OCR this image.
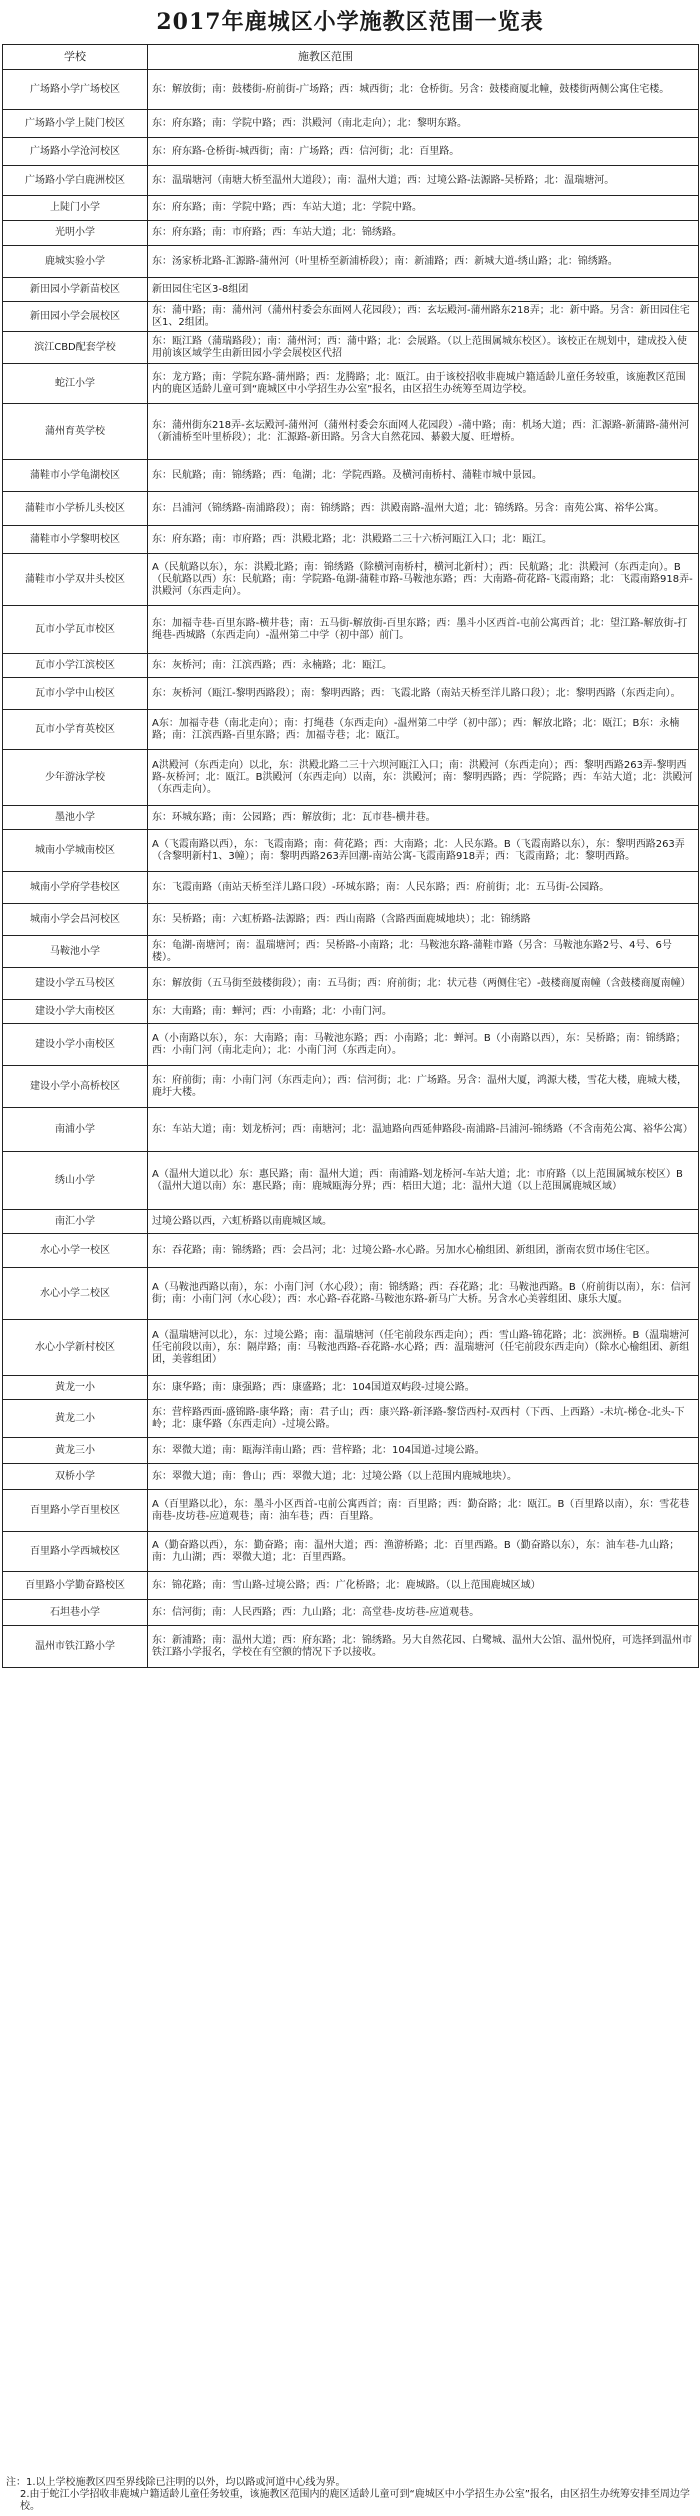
2017年鹿城区小学施教区范围一览表
学校	施教区范围
广场路小学广场校区	东：解放街；南：鼓楼街-府前街-广场路；西：城西街；北：仓桥街。另含：鼓楼商厦北幢，鼓楼街两侧公寓住宅楼。
广场路小学上陡门校区	东：府东路；南：学院中路；西：洪殿河（南北走向）；北：黎明东路。
广场路小学沧河校区	东：府东路-仓桥街-城西街；南：广场路；西：信河街；北：百里路。
广场路小学白鹿洲校区	东：温瑞塘河（南塘大桥至温州大道段）；南：温州大道；西：过境公路-法源路-吴桥路；北：温瑞塘河。
上陡门小学	东：府东路；南：学院中路；西：车站大道；北：学院中路。
光明小学	东：府东路；南：市府路；西：车站大道；北：锦绣路。
鹿城实验小学	东：汤家桥北路-汇源路-蒲州河（叶里桥至新浦桥段）；南：新浦路；西：新城大道-绣山路；北：锦绣路。
新田园小学新苗校区	新田园住宅区3-8组团
新田园小学会展校区	东：蒲中路；南：蒲州河（蒲州村委会东面网人花园段）；西：玄坛殿河-蒲州路东218弄；北：新中路。另含：新田园住宅区1、2组团。
滨江CBD配套学校	东：瓯江路（蒲瑞路段）；南：蒲州河；西：蒲中路；北：会展路。（以上范围属城东校区）。该校正在规划中，建成投入使用前该区域学生由新田园小学会展校区代招
蛇江小学	东：龙方路；南：学院东路-蒲州路；西：龙腾路；北：瓯江。由于该校招收非鹿城户籍适龄儿童任务较重，该施教区范围内的鹿区适龄儿童可到“鹿城区中小学招生办公室”报名，由区招生办统筹至周边学校。
蒲州育英学校	东：蒲州街东218弄-玄坛殿河-蒲州河（蒲州村委会东面网人花园段）-蒲中路；南：机场大道；西：汇源路-新蒲路-蒲州河（新浦桥至叶里桥段）；北：汇源路-新田路。另含大自然花园、綦毅大厦、旺增桥。
蒲鞋市小学龟湖校区	东：民航路；南：锦绣路；西：龟湖；北：学院西路。及横河南桥村、蒲鞋市城中景园。
蒲鞋市小学桥儿头校区	东：吕浦河（锦绣路-南浦路段）；南：锦绣路；西：洪殿南路-温州大道；北：锦绣路。另含：南苑公寓、裕华公寓。
蒲鞋市小学黎明校区	东：府东路；南：市府路；西：洪殿北路；北：洪殿路二三十六桥河瓯江入口；北：瓯江。
蒲鞋市小学双井头校区	A（民航路以东），东：洪殿北路；南：锦绣路（除横河南桥村，横河北新村）；西：民航路；北：洪殿河（东西走向）。B（民航路以西）东：民航路；南：学院路-龟湖-蒲鞋市路-马鞍池东路；西：大南路-荷花路-飞霞南路；北：飞霞南路918弄-洪殿河（东西走向）。
瓦市小学瓦市校区	东：加福寺巷-百里东路-横井巷；南：五马街-解放街-百里东路；西：墨斗小区西首-屯前公寓西首；北：望江路-解放街-打绳巷-西城路（东西走向）-温州第二中学（初中部）前门。
瓦市小学江滨校区	东：灰桥河；南：江滨西路；西：永楠路；北：瓯江。
瓦市小学中山校区	东：灰桥河（瓯江-黎明西路段）；南：黎明西路；西：飞霞北路（南站天桥至洋儿路口段）；北：黎明西路（东西走向）。
瓦市小学育英校区	A东：加福寺巷（南北走向）；南：打绳巷（东西走向）-温州第二中学（初中部）；西：解放北路；北：瓯江；B东：永楠路；南：江滨西路-百里东路；西：加福寺巷；北：瓯江。
少年游泳学校	A洪殿河（东西走向）以北，东：洪殿北路二三十六坝河瓯江入口；南：洪殿河（东西走向）；西：黎明西路263弄-黎明西路-灰桥河；北：瓯江。B洪殿河（东西走向）以南，东：洪殿河；南：黎明西路；西：学院路；西：车站大道；北：洪殿河（东西走向）。
墨池小学	东：环城东路；南：公园路；西：解放街；北：瓦市巷-横井巷。
城南小学城南校区	A（飞霞南路以西），东：飞霞南路；南：荷花路；西：大南路；北：人民东路。B（飞霞南路以东），东：黎明西路263弄（含黎明新村1、3幢）；南：黎明西路263弄回潮-南站公寓-飞霞南路918弄；西：飞霞南路；北：黎明西路。
城南小学府学巷校区	东：飞霞南路（南站天桥至洋儿路口段）-环城东路；南：人民东路；西：府前街；北：五马街-公园路。
城南小学会昌河校区	东：吴桥路；南：六虹桥路-法源路；西：西山南路（含路西面鹿城地块）；北：锦绣路
马鞍池小学	东：龟湖-南塘河；南：温瑞塘河；西：吴桥路-小南路；北：马鞍池东路-蒲鞋市路（另含：马鞍池东路2号、4号、6号楼）。
建设小学五马校区	东：解放街（五马街至鼓楼街段）；南：五马街；西：府前街；北：状元巷（两侧住宅）-鼓楼商厦南幢（含鼓楼商厦南幢）
建设小学大南校区	东：大南路；南：蝉河；西：小南路；北：小南门河。
建设小学小南校区	A（小南路以东），东：大南路；南：马鞍池东路；西：小南路；北：蝉河。B（小南路以西），东：吴桥路；南：锦绣路；西：小南门河（南北走向）；北：小南门河（东西走向）。
建设小学小高桥校区	东：府前街；南：小南门河（东西走向）；西：信河街；北：广场路。另含：温州大厦，鸿源大楼，雪花大楼，鹿城大楼，鹿圩大楼。
南浦小学	东：车站大道；南：划龙桥河；西：南塘河；北：温迪路向西延伸路段-南浦路-吕浦河-锦绣路（不含南苑公寓、裕华公寓）
绣山小学	A（温州大道以北）东：惠民路；南：温州大道；西：南浦路-划龙桥河-车站大道；北：市府路（以上范围属城东校区）B（温州大道以南）东：惠民路；南：鹿城瓯海分界；西：梧田大道；北：温州大道（以上范围属鹿城区域）
南汇小学	过境公路以西，六虹桥路以南鹿城区域。
水心小学一校区	东：吞花路；南：锦绣路；西：会昌河；北：过境公路-水心路。另加水心榆组团、新组团，浙南农贸市场住宅区。
水心小学二校区	A（马鞍池西路以南），东：小南门河（水心段）；南：锦绣路；西：吞花路；北：马鞍池西路。B（府前街以南），东：信河街；南：小南门河（水心段）；西：水心路-吞花路-马鞍池东路-新马广大桥。另含水心美蓉组团、康乐大厦。
水心小学新村校区	A（温瑞塘河以北），东：过境公路；南：温瑞塘河（任宅前段东西走向）；西：雪山路-锦花路；北：滨洲桥。B（温瑞塘河任宅前段以南），东：隔岸路；南：马鞍池西路-吞花路-水心路；西：温瑞塘河（任宅前段东西走向）（除水心榆组团、新组团，美蓉组团）
黄龙一小	东：康华路；南：康强路；西：康盛路；北：104国道双屿段-过境公路。
黄龙二小	东：营梓路西面-盛锦路-康华路；南：君子山；西：康兴路-新泽路-黎岱西村-双西村（下西、上西路）-未坑-梯仓-北头-下岭；北：康华路（东西走向）-过境公路。
黄龙三小	东：翠微大道；南：瓯海洋南山路；西：营梓路；北：104国道-过境公路。
双桥小学	东：翠微大道；南：鲁山；西：翠微大道；北：过境公路（以上范围内鹿城地块）。
百里路小学百里校区	A（百里路以北），东：墨斗小区西首-屯前公寓西首；南：百里路；西：勤奋路；北：瓯江。B（百里路以南），东：雪花巷南巷-皮坊巷-应道观巷；南：油车巷；西：百里路。
百里路小学西城校区	A（勤奋路以西），东：勤奋路；南：温州大道；西：渔游桥路；北：百里西路。B（勤奋路以东），东：油车巷-九山路；南：九山湖；西：翠微大道；北：百里西路。
百里路小学勤奋路校区	东：锦花路；南：雪山路-过境公路；西：广化桥路；北：鹿城路。（以上范围鹿城区域）
石坦巷小学	东：信河街；南：人民西路；西：九山路；北：高堂巷-皮坊巷-应道观巷。
温州市铁江路小学	东：新浦路；南：温州大道；西：府东路；北：锦绣路。另大自然花园、白鹭城、温州大公馆、温州悦府，可选择到温州市铁江路小学报名，学校在有空额的情况下予以接收。
注：1.以上学校施教区四至界线除已注明的以外，均以路或河道中心线为界。
2.由于蛇江小学招收非鹿城户籍适龄儿童任务较重，该施教区范围内的鹿区适龄儿童可到“鹿城区中小学招生办公室”报名，由区招生办统筹安排至周边学校。
